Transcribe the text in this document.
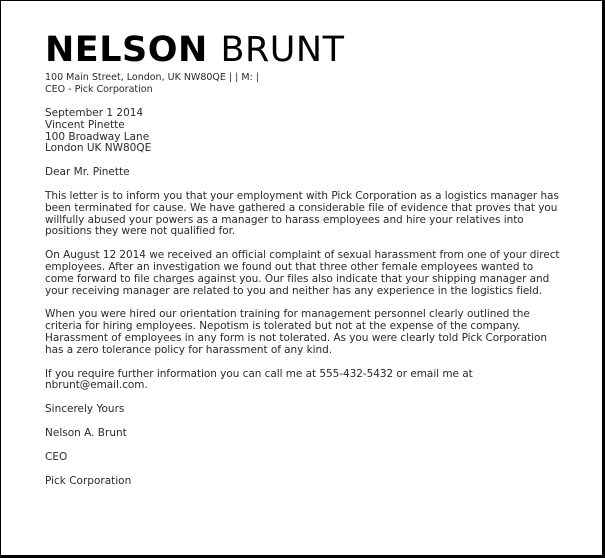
NELSON BRUNT
100 Main Street, London, UK NW80QE | | M: |
CEO - Pick Corporation
September 1 2014
Vincent Pinette
100 Broadway Lane
London UK NW80QE
Dear Mr. Pinette
This letter is to inform you that your employment with Pick Corporation as a logistics manager has been terminated for cause. We have gathered a considerable file of evidence that proves that you willfully abused your powers as a manager to harass employees and hire your relatives into positions they were not qualified for.
On August 12 2014 we received an official complaint of sexual harassment from one of your direct employees. After an investigation we found out that three other female employees wanted to come forward to file charges against you. Our files also indicate that your shipping manager and your receiving manager are related to you and neither has any experience in the logistics field.
When you were hired our orientation training for management personnel clearly outlined the criteria for hiring employees. Nepotism is tolerated but not at the expense of the company. Harassment of employees in any form is not tolerated. As you were clearly told Pick Corporation has a zero tolerance policy for harassment of any kind.
If you require further information you can call me at 555-432-5432 or email me at nbrunt@email.com.
Sincerely Yours
Nelson A. Brunt
CEO
Pick Corporation
